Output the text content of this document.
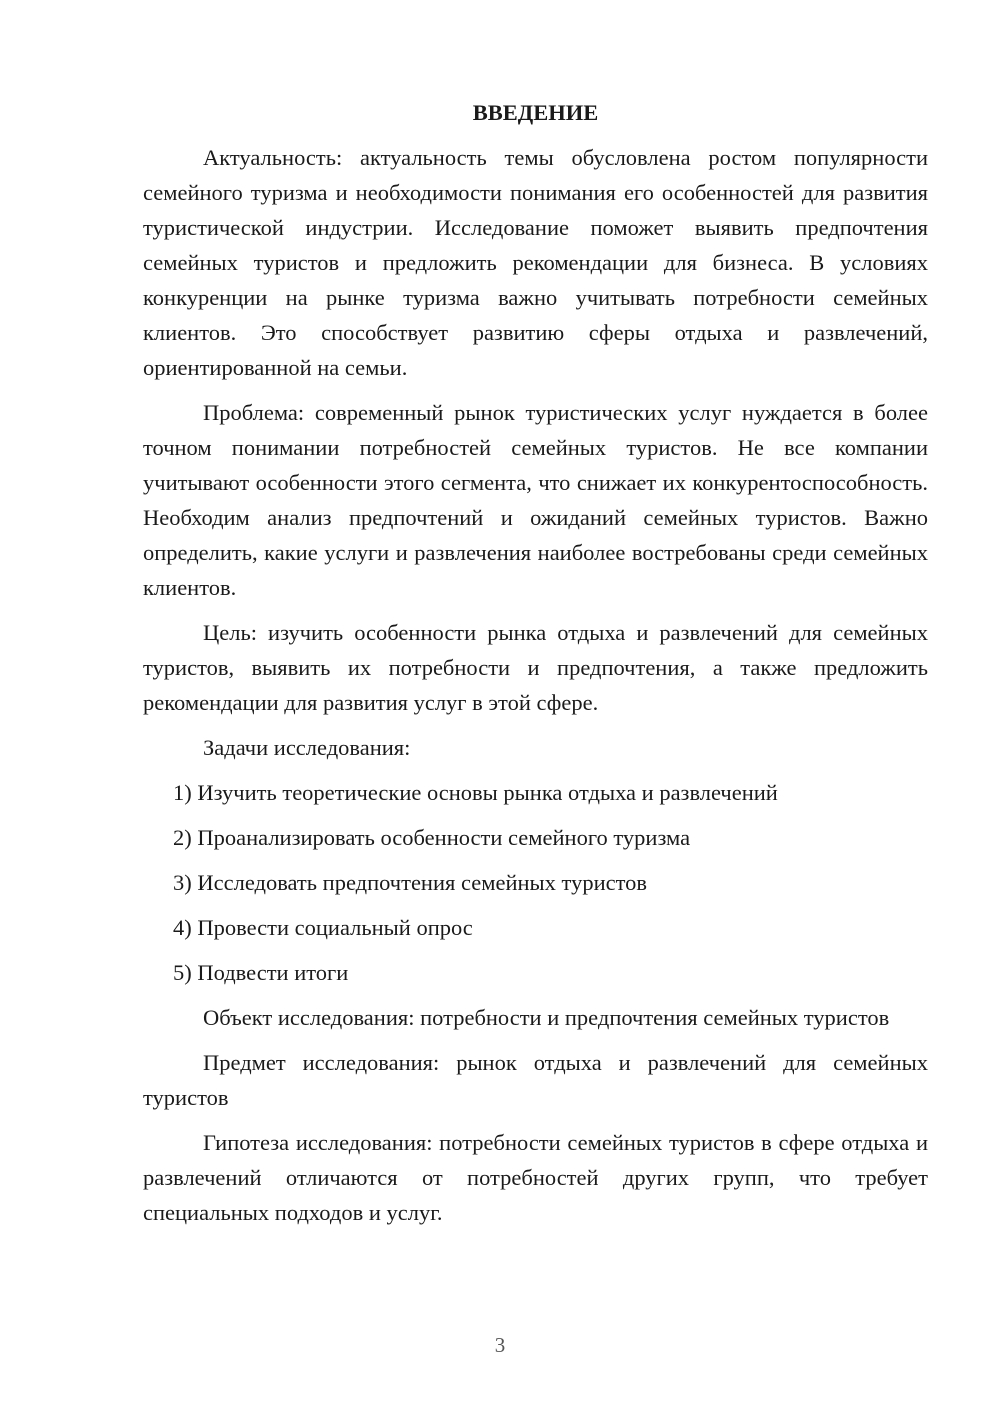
ВВЕДЕНИЕ

Актуальность: актуальность темы обусловлена ростом популярности семейного туризма и необходимости понимания его особенностей для развития туристической индустрии. Исследование поможет выявить предпочтения семейных туристов и предложить рекомендации для бизнеса. В условиях конкуренции на рынке туризма важно учитывать потребности семейных клиентов. Это способствует развитию сферы отдыха и развлечений, ориентированной на семьи.

Проблема: современный рынок туристических услуг нуждается в более точном понимании потребностей семейных туристов. Не все компании учитывают особенности этого сегмента, что снижает их конкурентоспособность. Необходим анализ предпочтений и ожиданий семейных туристов. Важно определить, какие услуги и развлечения наиболее востребованы среди семейных клиентов.

Цель: изучить особенности рынка отдыха и развлечений для семейных туристов, выявить их потребности и предпочтения, а также предложить рекомендации для развития услуг в этой сфере.

Задачи исследования:

1) Изучить теоретические основы рынка отдыха и развлечений
2) Проанализировать особенности семейного туризма
3) Исследовать предпочтения семейных туристов
4) Провести социальный опрос
5) Подвести итоги

Объект исследования: потребности и предпочтения семейных туристов

Предмет исследования: рынок отдыха и развлечений для семейных туристов

Гипотеза исследования: потребности семейных туристов в сфере отдыха и развлечений отличаются от потребностей других групп, что требует специальных подходов и услуг.

3
